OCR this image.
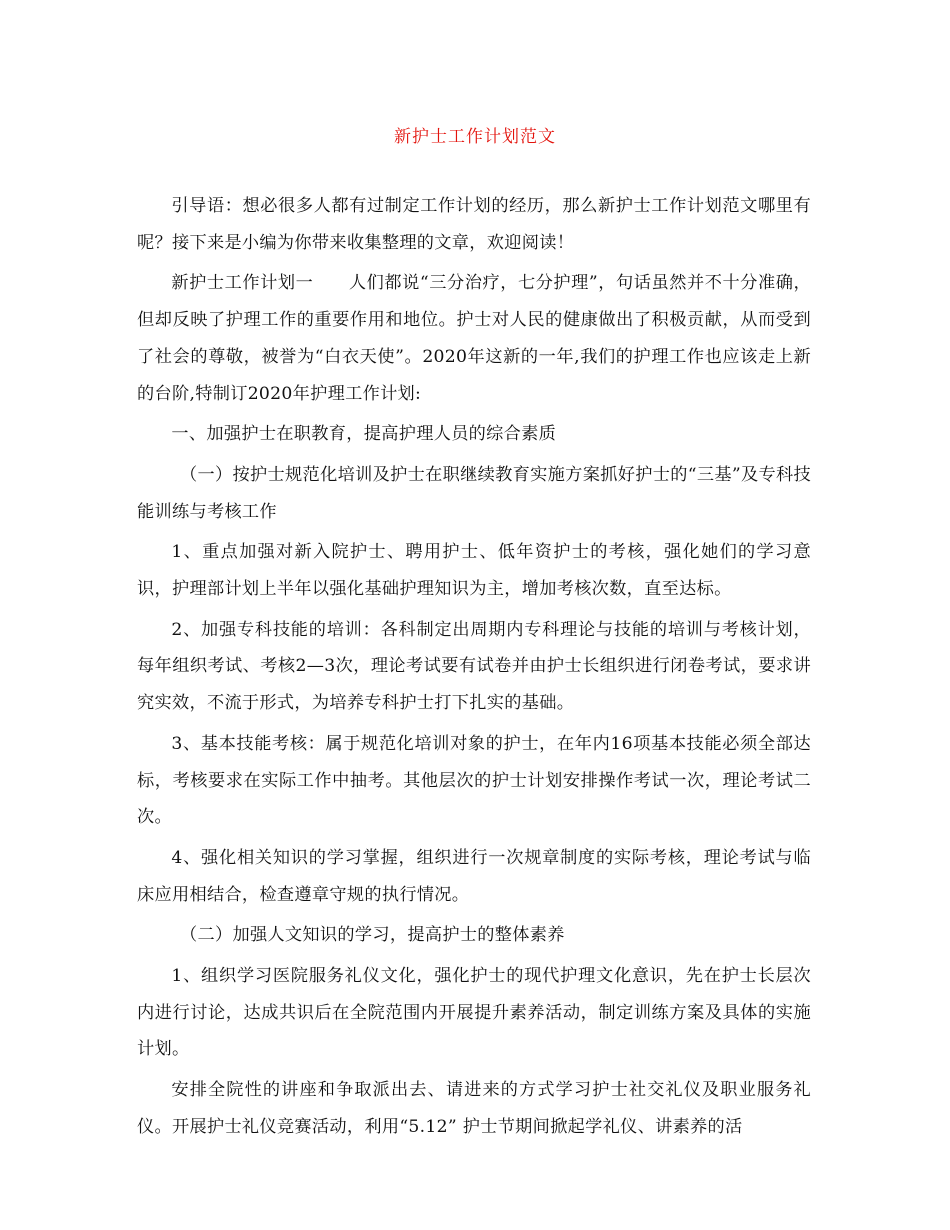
新护士工作计划范文

引导语：想必很多人都有过制定工作计划的经历，那么新护士工作计划范文哪里有呢？接下来是小编为你带来收集整理的文章，欢迎阅读！

新护士工作计划一　　人们都说“三分治疗，七分护理”，句话虽然并不十分准确，但却反映了护理工作的重要作用和地位。护士对人民的健康做出了积极贡献，从而受到了社会的尊敬，被誉为“白衣天使”。2020年这新的一年,我们的护理工作也应该走上新的台阶,特制订2020年护理工作计划:

一、加强护士在职教育，提高护理人员的综合素质

（一）按护士规范化培训及护士在职继续教育实施方案抓好护士的“三基”及专科技能训练与考核工作

1、重点加强对新入院护士、聘用护士、低年资护士的考核，强化她们的学习意识，护理部计划上半年以强化基础护理知识为主，增加考核次数，直至达标。

2、加强专科技能的培训：各科制定出周期内专科理论与技能的培训与考核计划，每年组织考试、考核2—3次，理论考试要有试卷并由护士长组织进行闭卷考试，要求讲究实效，不流于形式，为培养专科护士打下扎实的基础。

3、基本技能考核：属于规范化培训对象的护士，在年内16项基本技能必须全部达标，考核要求在实际工作中抽考。其他层次的护士计划安排操作考试一次，理论考试二次。

4、强化相关知识的学习掌握，组织进行一次规章制度的实际考核，理论考试与临床应用相结合，检查遵章守规的执行情况。

（二）加强人文知识的学习，提高护士的整体素养

1、组织学习医院服务礼仪文化，强化护士的现代护理文化意识，先在护士长层次内进行讨论，达成共识后在全院范围内开展提升素养活动，制定训练方案及具体的实施计划。

安排全院性的讲座和争取派出去、请进来的方式学习护士社交礼仪及职业服务礼仪。开展护士礼仪竞赛活动，利用“5.12” 护士节期间掀起学礼仪、讲素养的活
